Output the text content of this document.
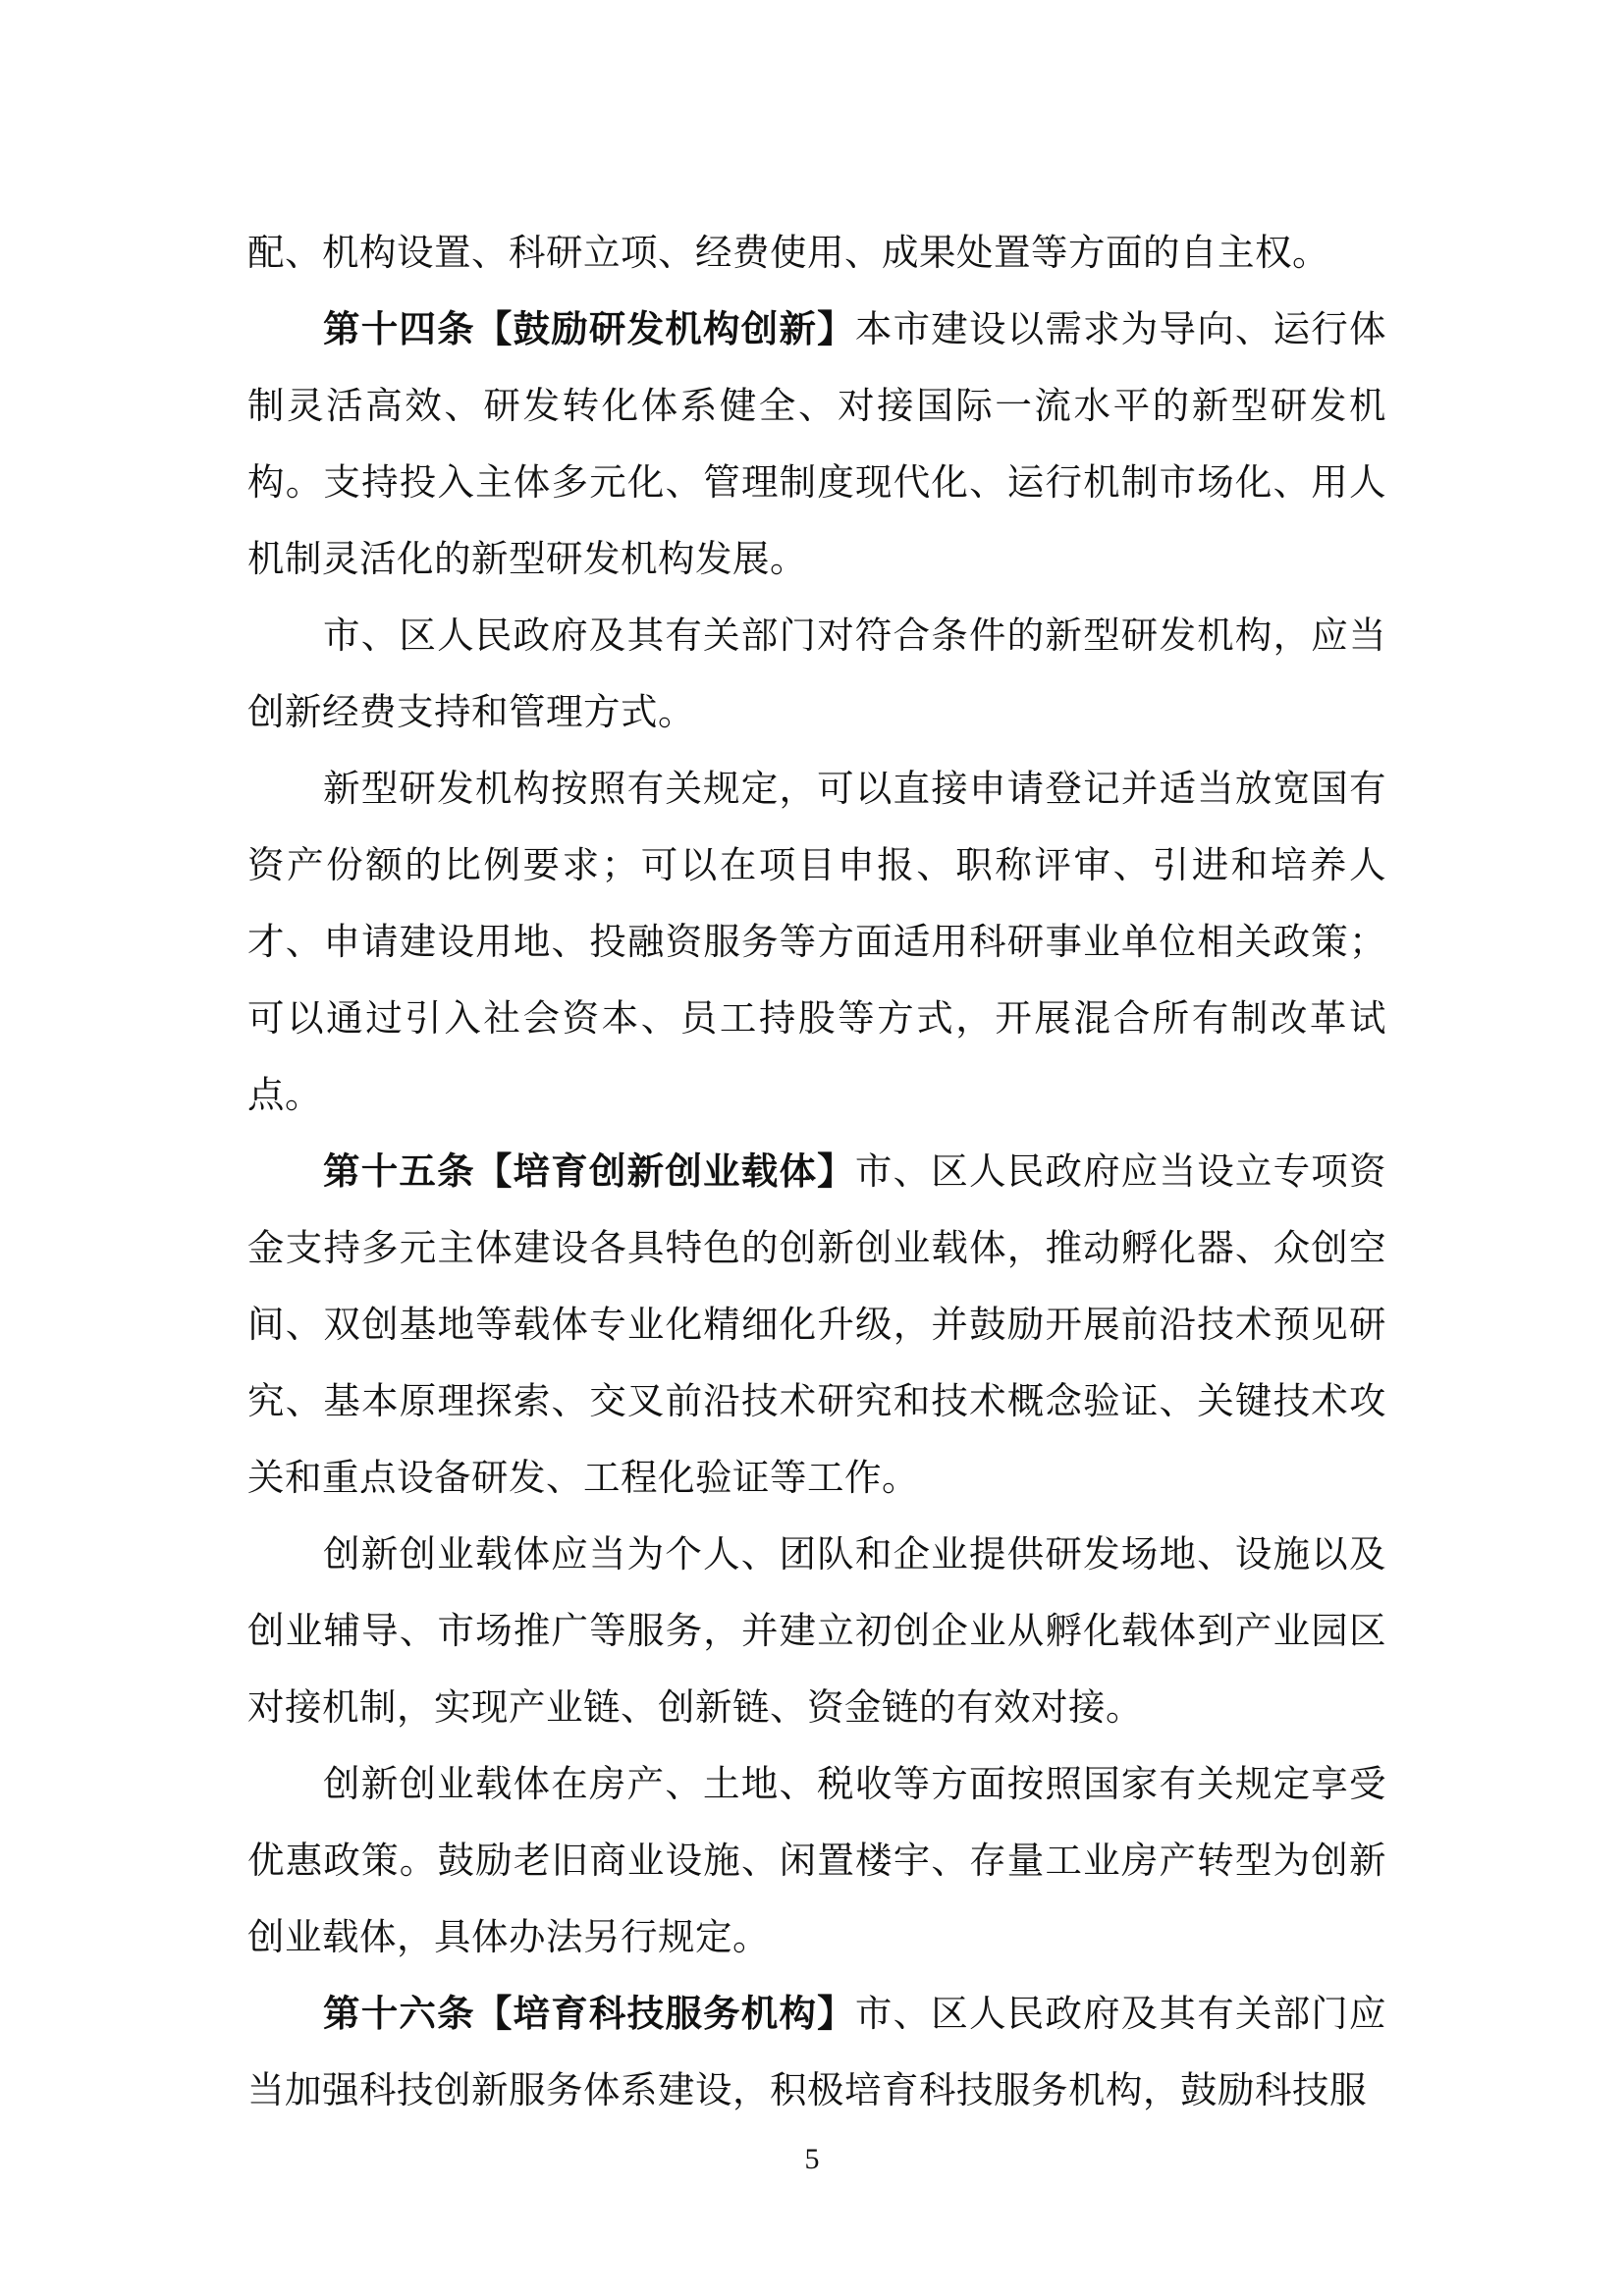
配、机构设置、科研立项、经费使用、成果处置等方面的自主权。

第十四条【鼓励研发机构创新】本市建设以需求为导向、运行体制灵活高效、研发转化体系健全、对接国际一流水平的新型研发机构。支持投入主体多元化、管理制度现代化、运行机制市场化、用人机制灵活化的新型研发机构发展。

市、区人民政府及其有关部门对符合条件的新型研发机构，应当创新经费支持和管理方式。

新型研发机构按照有关规定，可以直接申请登记并适当放宽国有资产份额的比例要求；可以在项目申报、职称评审、引进和培养人才、申请建设用地、投融资服务等方面适用科研事业单位相关政策；可以通过引入社会资本、员工持股等方式，开展混合所有制改革试点。

第十五条【培育创新创业载体】市、区人民政府应当设立专项资金支持多元主体建设各具特色的创新创业载体，推动孵化器、众创空间、双创基地等载体专业化精细化升级，并鼓励开展前沿技术预见研究、基本原理探索、交叉前沿技术研究和技术概念验证、关键技术攻关和重点设备研发、工程化验证等工作。

创新创业载体应当为个人、团队和企业提供研发场地、设施以及创业辅导、市场推广等服务，并建立初创企业从孵化载体到产业园区对接机制，实现产业链、创新链、资金链的有效对接。

创新创业载体在房产、土地、税收等方面按照国家有关规定享受优惠政策。鼓励老旧商业设施、闲置楼宇、存量工业房产转型为创新创业载体，具体办法另行规定。

第十六条【培育科技服务机构】市、区人民政府及其有关部门应当加强科技创新服务体系建设，积极培育科技服务机构，鼓励科技服

5
